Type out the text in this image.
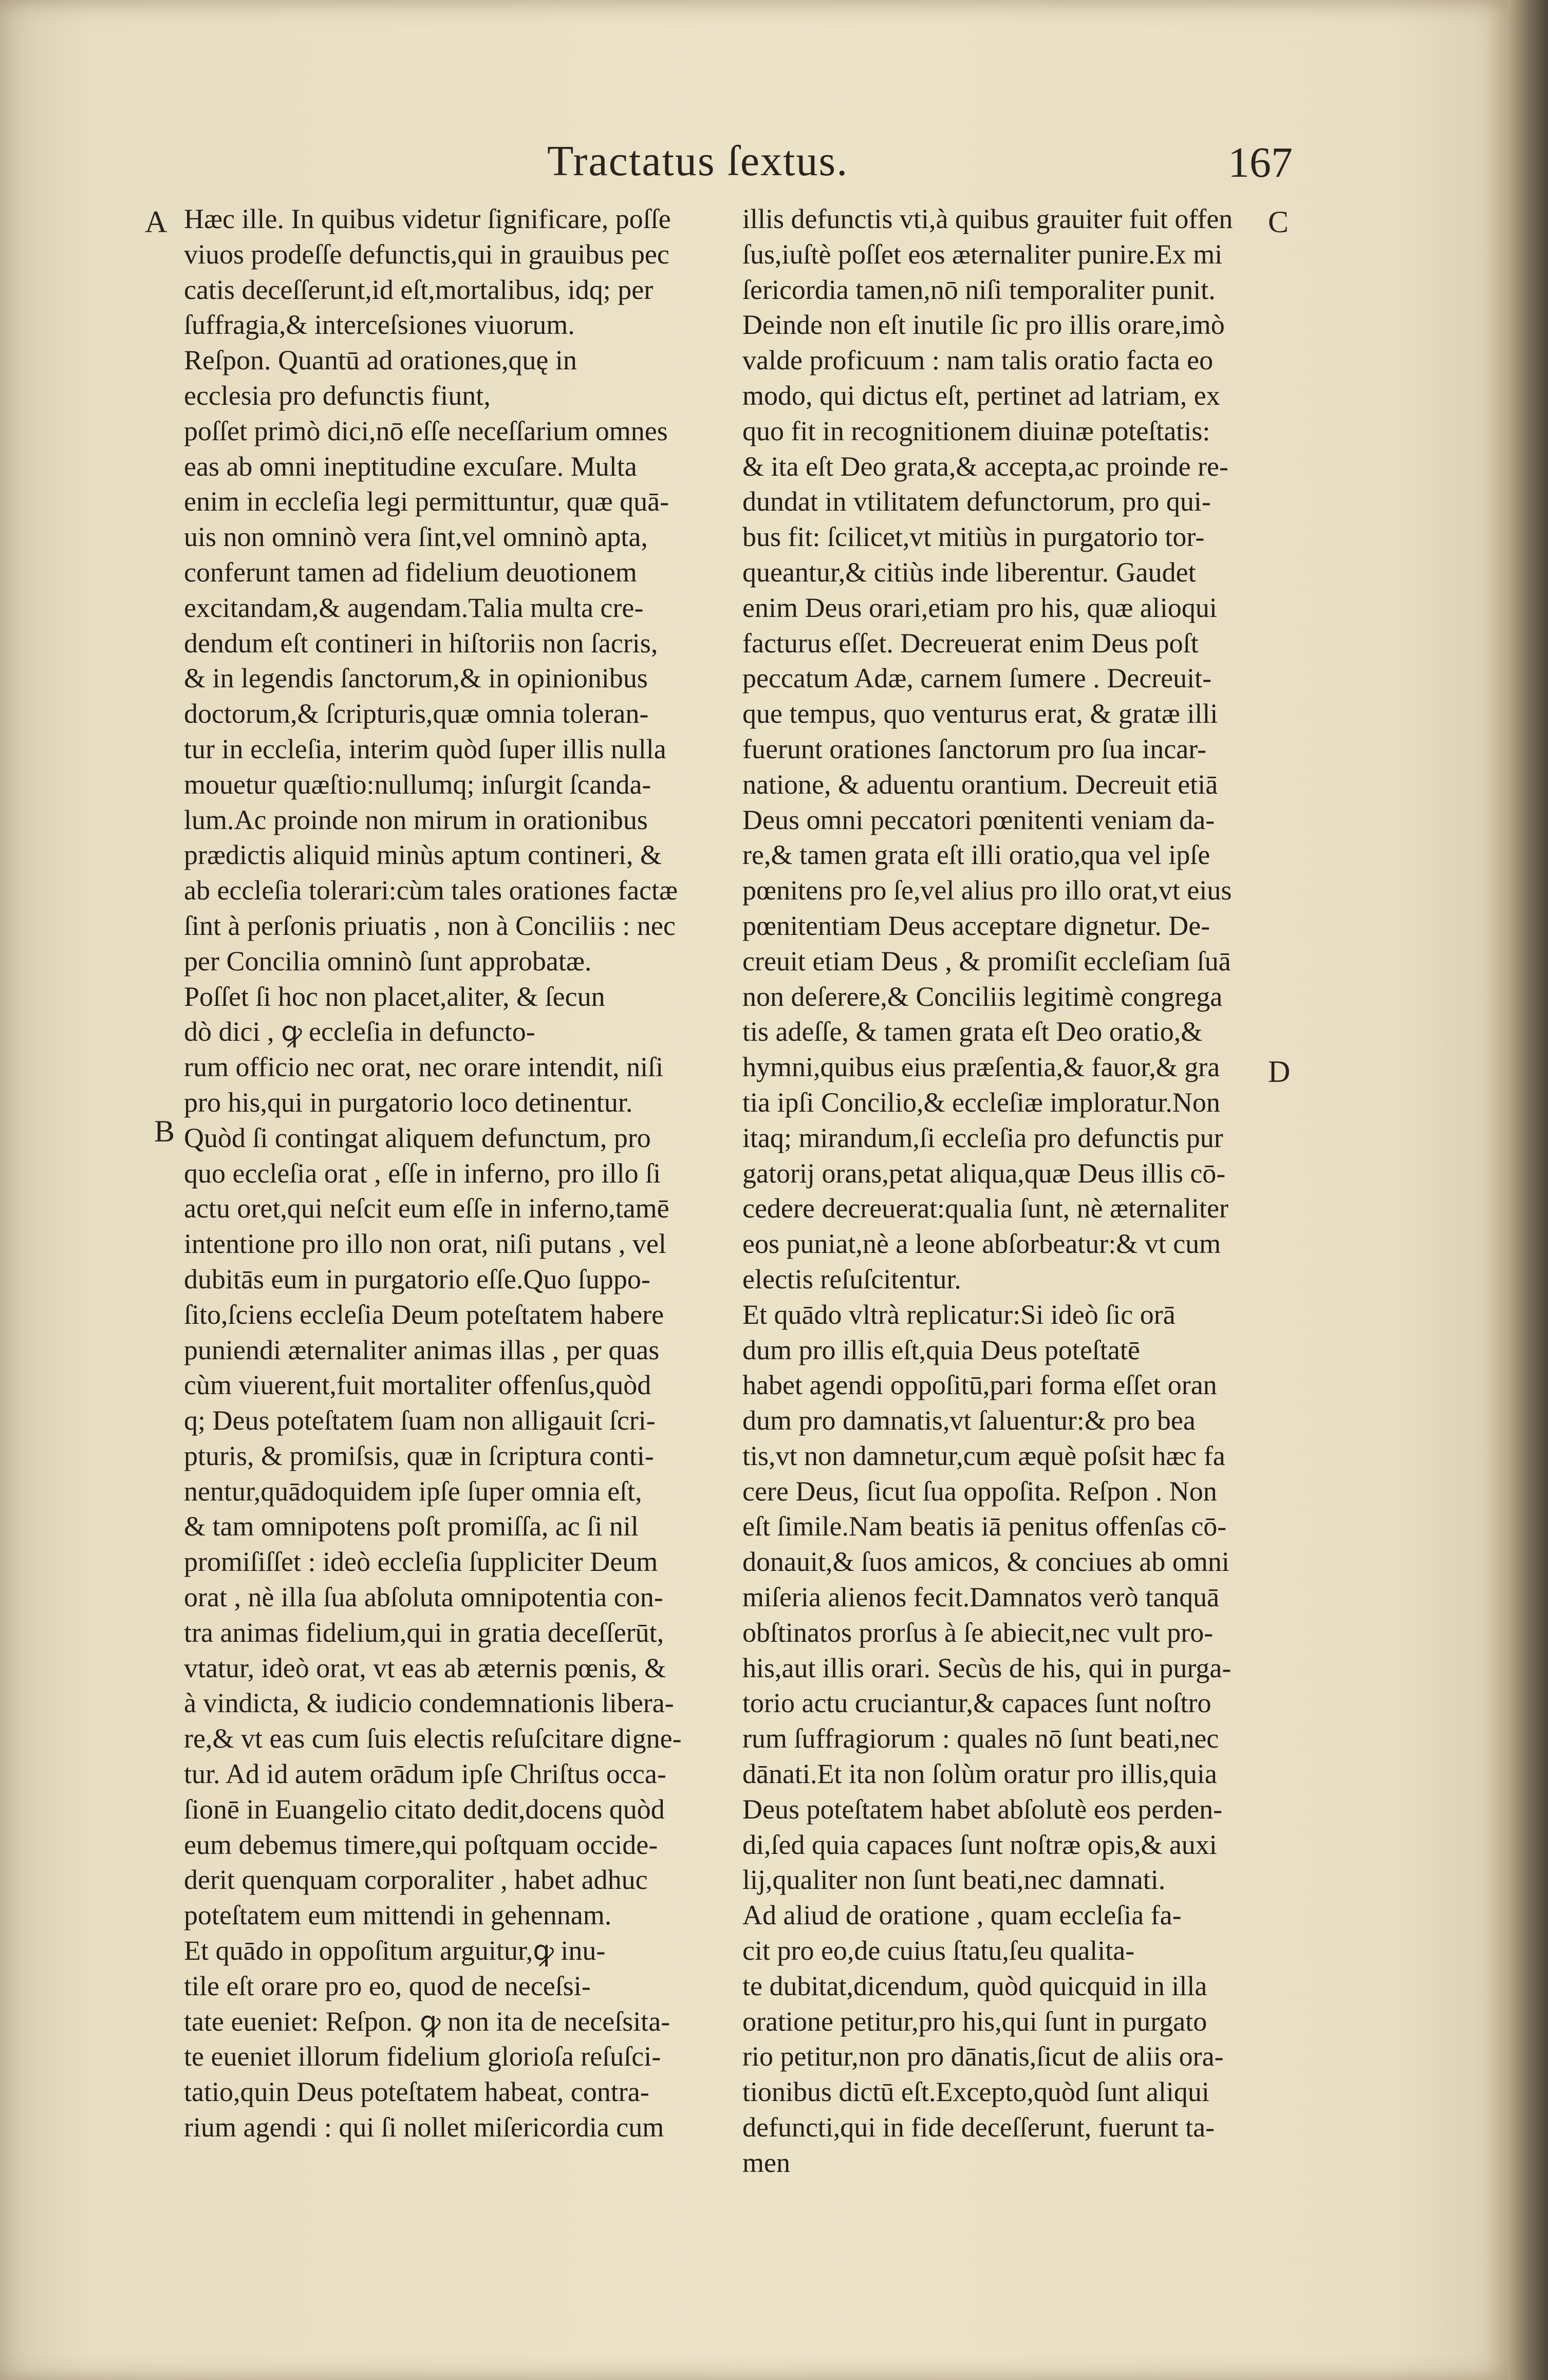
Tractatus ſextus.	167
A
B
C
D
Hæc ille. In quibus videtur ſignificare, poſſe
viuos prodeſſe defunctis,qui in grauibus pec
catis deceſſerunt,id eſt,mortalibus, idq; per
ſuffragia,& interceſsiones viuorum.
Reſpon. Quantū ad orationes,quę in
ecclesia pro defunctis fiunt,
poſſet primò dici,nō eſſe neceſſarium omnes
eas ab omni ineptitudine excuſare. Multa
enim in eccleſia legi permittuntur, quæ quā-
uis non omninò vera ſint,vel omninò apta,
conferunt tamen ad fidelium deuotionem
excitandam,& augendam.Talia multa cre-
dendum eſt contineri in hiſtoriis non ſacris,
& in legendis ſanctorum,& in opinionibus
doctorum,& ſcripturis,quæ omnia toleran-
tur in eccleſia, interim quòd ſuper illis nulla
mouetur quæſtio:nullumq; inſurgit ſcanda-
lum.Ac proinde non mirum in orationibus
prædictis aliquid minùs aptum contineri, &
ab eccleſia tolerari:cùm tales orationes factæ
ſint à perſonis priuatis , non à Conciliis : nec
per Concilia omninò ſunt approbatæ.
Poſſet ſi hoc non placet,aliter, & ſecun
dò dici , ꝙ eccleſia in defuncto-
rum officio nec orat, nec orare intendit, niſi
pro his,qui in purgatorio loco detinentur.
Quòd ſi contingat aliquem defunctum, pro
quo eccleſia orat , eſſe in inferno, pro illo ſi
actu oret,qui neſcit eum eſſe in inferno,tamē
intentione pro illo non orat, niſi putans , vel
dubitās eum in purgatorio eſſe.Quo ſuppo-
ſito,ſciens eccleſia Deum poteſtatem habere
puniendi æternaliter animas illas , per quas
cùm viuerent,fuit mortaliter offenſus,quòd
q; Deus poteſtatem ſuam non alligauit ſcri-
pturis, & promiſsis, quæ in ſcriptura conti-
nentur,quādoquidem ipſe ſuper omnia eſt,
& tam omnipotens poſt promiſſa, ac ſi nil
promiſiſſet : ideò eccleſia ſuppliciter Deum
orat , nè illa ſua abſoluta omnipotentia con-
tra animas fidelium,qui in gratia deceſſerūt,
vtatur, ideò orat, vt eas ab æternis pœnis, &
à vindicta, & iudicio condemnationis libera-
re,& vt eas cum ſuis electis reſuſcitare digne-
tur. Ad id autem orādum ipſe Chriſtus occa-
ſionē in Euangelio citato dedit,docens quòd
eum debemus timere,qui poſtquam occide-
derit quenquam corporaliter , habet adhuc
poteſtatem eum mittendi in gehennam.
Et quādo in oppoſitum arguitur,ꝙ inu-
tile eſt orare pro eo, quod de neceſsi-
tate eueniet: Reſpon. ꝙ non ita de neceſsita-
te eueniet illorum fidelium glorioſa reſuſci-
tatio,quin Deus poteſtatem habeat, contra-
rium agendi : qui ſi nollet miſericordia cum
illis defunctis vti,à quibus grauiter fuit offen
ſus,iuſtè poſſet eos æternaliter punire.Ex mi
ſericordia tamen,nō niſi temporaliter punit.
Deinde non eſt inutile ſic pro illis orare,imò
valde proficuum : nam talis oratio facta eo
modo, qui dictus eſt, pertinet ad latriam, ex
quo fit in recognitionem diuinæ poteſtatis:
& ita eſt Deo grata,& accepta,ac proinde re-
dundat in vtilitatem defunctorum, pro qui-
bus fit: ſcilicet,vt mitiùs in purgatorio tor-
queantur,& citiùs inde liberentur. Gaudet
enim Deus orari,etiam pro his, quæ alioqui
facturus eſſet. Decreuerat enim Deus poſt
peccatum Adæ, carnem ſumere . Decreuit-
que tempus, quo venturus erat, & gratæ illi
fuerunt orationes ſanctorum pro ſua incar-
natione, & aduentu orantium. Decreuit etiā
Deus omni peccatori pœnitenti veniam da-
re,& tamen grata eſt illi oratio,qua vel ipſe
pœnitens pro ſe,vel alius pro illo orat,vt eius
pœnitentiam Deus acceptare dignetur. De-
creuit etiam Deus , & promiſit eccleſiam ſuā
non deſerere,& Conciliis legitimè congrega
tis adeſſe, & tamen grata eſt Deo oratio,&
hymni,quibus eius præſentia,& fauor,& gra
tia ipſi Concilio,& eccleſiæ imploratur.Non
itaq; mirandum,ſi eccleſia pro defunctis pur
gatorij orans,petat aliqua,quæ Deus illis cō-
cedere decreuerat:qualia ſunt, nè æternaliter
eos puniat,nè a leone abſorbeatur:& vt cum
electis reſuſcitentur.
Et quādo vltrà replicatur:Si ideò ſic orā
dum pro illis eſt,quia Deus poteſtatē
habet agendi oppoſitū,pari forma eſſet oran
dum pro damnatis,vt ſaluentur:& pro bea
tis,vt non damnetur,cum æquè poſsit hæc fa
cere Deus, ſicut ſua oppoſita. Reſpon . Non
eſt ſimile.Nam beatis iā penitus offenſas cō-
donauit,& ſuos amicos, & conciues ab omni
miſeria alienos fecit.Damnatos verò tanquā
obſtinatos prorſus à ſe abiecit,nec vult pro-
his,aut illis orari. Secùs de his, qui in purga-
torio actu cruciantur,& capaces ſunt noſtro
rum ſuffragiorum : quales nō ſunt beati,nec
dānati.Et ita non ſolùm oratur pro illis,quia
Deus poteſtatem habet abſolutè eos perden-
di,ſed quia capaces ſunt noſtræ opis,& auxi
lij,qualiter non ſunt beati,nec damnati.
Ad aliud de oratione , quam eccleſia fa-
cit pro eo,de cuius ſtatu,ſeu qualita-
te dubitat,dicendum, quòd quicquid in illa
oratione petitur,pro his,qui ſunt in purgato
rio petitur,non pro dānatis,ſicut de aliis ora-
tionibus dictū eſt.Excepto,quòd ſunt aliqui
defuncti,qui in fide deceſſerunt, fuerunt ta-
men
